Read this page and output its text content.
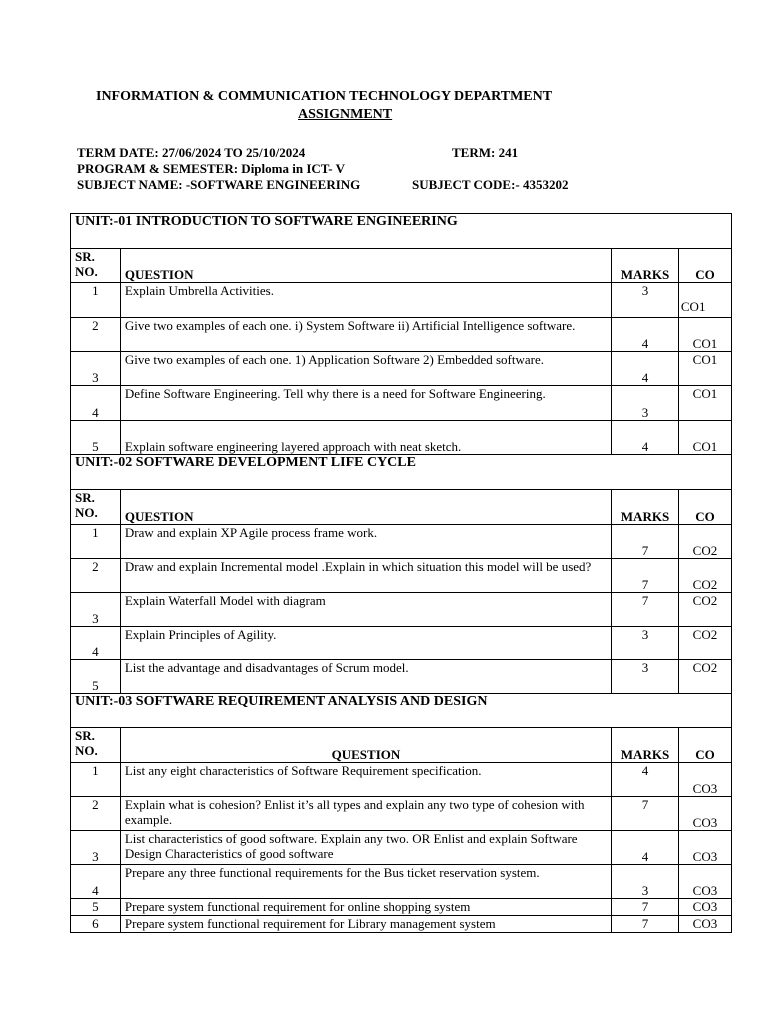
INFORMATION & COMMUNICATION TECHNOLOGY DEPARTMENT
ASSIGNMENT
TERM DATE: 27/06/2024 TO 25/10/2024	TERM: 241
PROGRAM & SEMESTER: Diploma in ICT- V
SUBJECT NAME: -SOFTWARE ENGINEERING	SUBJECT CODE:- 4353202
UNIT:-01 INTRODUCTION TO SOFTWARE ENGINEERING			
SR.
NO.	QUESTION	MARKS	CO
1	Explain Umbrella Activities.	3	CO1
2	Give two examples of each one. i) System Software ii) Artificial Intelligence software.	4	CO1
3	Give two examples of each one. 1) Application Software 2) Embedded software.	4	CO1
4	Define Software Engineering. Tell why there is a need for Software Engineering.	3	CO1
5	Explain software engineering layered approach with neat sketch.	4	CO1
UNIT:-02 SOFTWARE DEVELOPMENT LIFE CYCLE			
SR.
NO.	QUESTION	MARKS	CO
1	Draw and explain XP Agile process frame work.	7	CO2
2	Draw and explain Incremental model .Explain in which situation this model will be used?	7	CO2
3	Explain Waterfall Model with diagram	7	CO2
4	Explain Principles of Agility.	3	CO2
5	List the advantage and disadvantages of Scrum model.	3	CO2
UNIT:-03 SOFTWARE REQUIREMENT ANALYSIS AND DESIGN			
SR.
NO.	QUESTION	MARKS	CO
1	List any eight characteristics of Software Requirement specification.	4	CO3
2	Explain what is cohesion? Enlist it’s all types and explain any two type of cohesion with example.	7	CO3
3	List characteristics of good software. Explain any two. OR Enlist and explain Software Design Characteristics of good software	4	CO3
4	Prepare any three functional requirements for the Bus ticket reservation system.	3	CO3
5	Prepare system functional requirement for online shopping system	7	CO3
6	Prepare system functional requirement for Library management system	7	CO3
